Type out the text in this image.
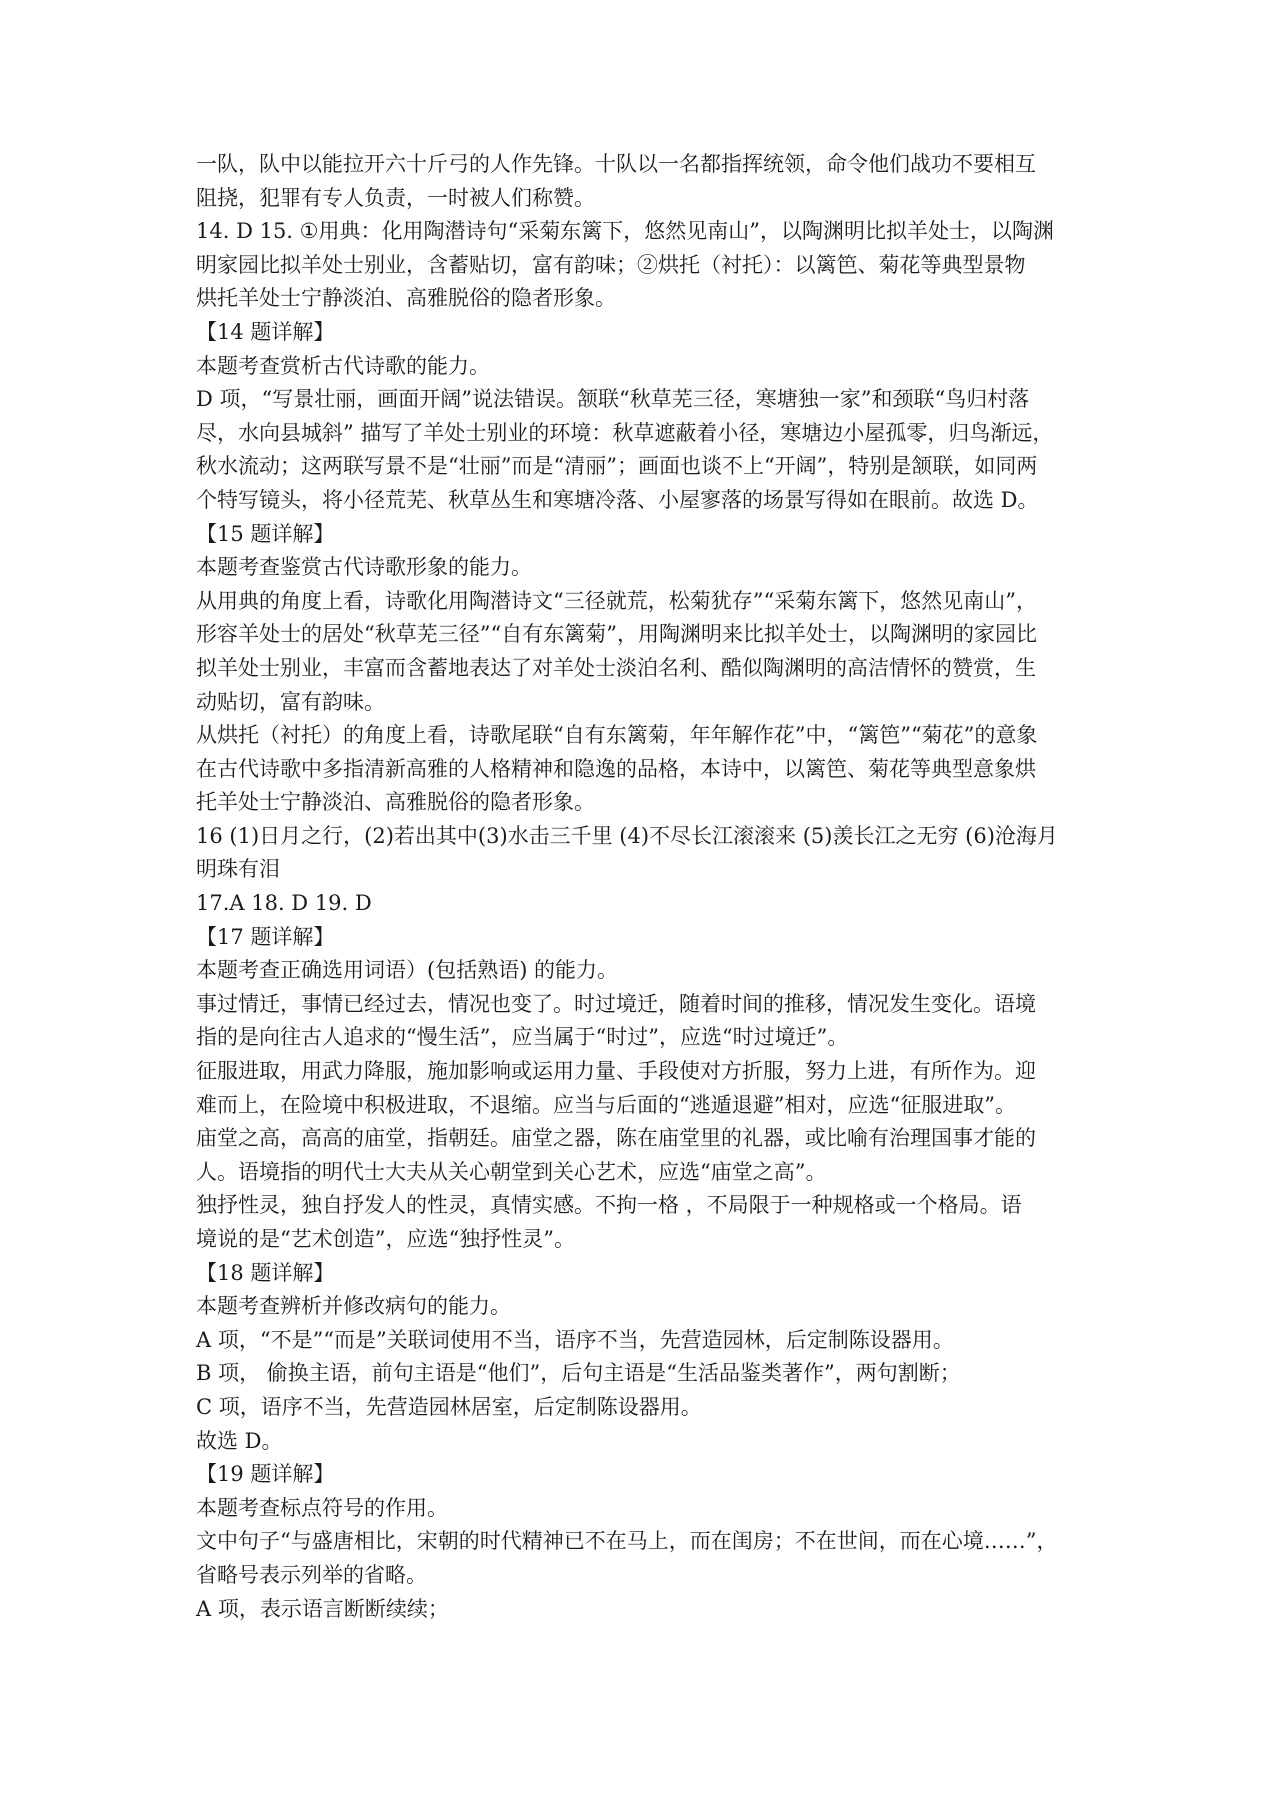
一队，队中以能拉开六十斤弓的人作先锋。十队以一名都指挥统领，命令他们战功不要相互
阻挠，犯罪有专人负责，一时被人们称赞。
14. D 15. ①用典：化用陶潜诗句“采菊东篱下，悠然见南山”，以陶渊明比拟羊处士，以陶渊
明家园比拟羊处士别业，含蓄贴切，富有韵味；②烘托（衬托）：以篱笆、菊花等典型景物
烘托羊处士宁静淡泊、高雅脱俗的隐者形象。
【14 题详解】
本题考查赏析古代诗歌的能力。
D 项，“写景壮丽，画面开阔”说法错误。颔联“秋草芜三径，寒塘独一家”和颈联“鸟归村落
尽，水向县城斜” 描写了羊处士别业的环境：秋草遮蔽着小径，寒塘边小屋孤零，归鸟渐远，
秋水流动；这两联写景不是“壮丽”而是“清丽”；画面也谈不上“开阔”，特别是颔联，如同两
个特写镜头，将小径荒芜、秋草丛生和寒塘冷落、小屋寥落的场景写得如在眼前。故选 D。
【15 题详解】
本题考查鉴赏古代诗歌形象的能力。
从用典的角度上看，诗歌化用陶潜诗文“三径就荒，松菊犹存”“采菊东篱下，悠然见南山”，
形容羊处士的居处“秋草芜三径”“自有东篱菊”，用陶渊明来比拟羊处士，以陶渊明的家园比
拟羊处士别业，丰富而含蓄地表达了对羊处士淡泊名利、酷似陶渊明的高洁情怀的赞赏，生
动贴切，富有韵味。
从烘托（衬托）的角度上看，诗歌尾联“自有东篱菊，年年解作花”中，“篱笆”“菊花”的意象
在古代诗歌中多指清新高雅的人格精神和隐逸的品格，本诗中，以篱笆、菊花等典型意象烘
托羊处士宁静淡泊、高雅脱俗的隐者形象。
16 (1)日月之行，(2)若出其中(3)水击三千里 (4)不尽长江滚滚来 (5)羡长江之无穷 (6)沧海月
明珠有泪
17.A 18. D 19. D
【17 题详解】
本题考查正确选用词语）(包括熟语) 的能力。
事过情迁，事情已经过去，情况也变了。时过境迁，随着时间的推移，情况发生变化。语境
指的是向往古人追求的“慢生活”，应当属于“时过”，应选“时过境迁”。
征服进取，用武力降服，施加影响或运用力量、手段使对方折服，努力上进，有所作为。迎
难而上，在险境中积极进取，不退缩。应当与后面的“逃遁退避”相对，应选“征服进取”。
庙堂之高，高高的庙堂，指朝廷。庙堂之器，陈在庙堂里的礼器，或比喻有治理国事才能的
人。语境指的明代士大夫从关心朝堂到关心艺术，应选“庙堂之高”。
独抒性灵，独自抒发人的性灵，真情实感。不拘一格 ，不局限于一种规格或一个格局。语
境说的是“艺术创造”，应选“独抒性灵”。
【18 题详解】
本题考查辨析并修改病句的能力。
A 项，“不是”“而是”关联词使用不当，语序不当，先营造园林，后定制陈设器用。
B 项， 偷换主语，前句主语是“他们”，后句主语是“生活品鉴类著作”，两句割断；
C 项，语序不当，先营造园林居室，后定制陈设器用。
故选 D。
【19 题详解】
本题考查标点符号的作用。
文中句子“与盛唐相比，宋朝的时代精神已不在马上，而在闺房；不在世间，而在心境……”，
省略号表示列举的省略。
A 项，表示语言断断续续；
